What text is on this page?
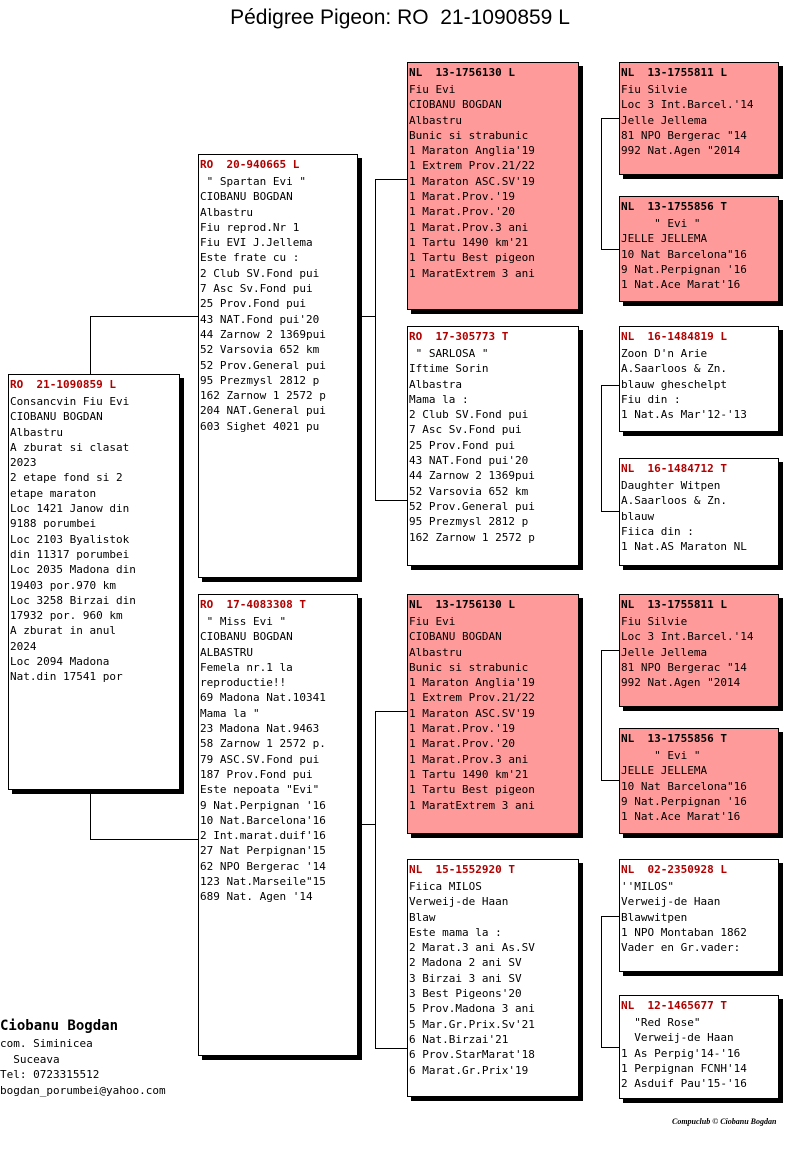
Pédigree Pigeon: RO  21-1090859 L
RO  21-1090859 L
Consancvin Fiu Evi
CIOBANU BOGDAN
Albastru
A zburat si clasat
2023
2 etape fond si 2
etape maraton
Loc 1421 Janow din
9188 porumbei
Loc 2103 Byalistok
din 11317 porumbei
Loc 2035 Madona din
19403 por.970 km
Loc 3258 Birzai din
17932 por. 960 km
A zburat in anul
2024
Loc 2094 Madona
Nat.din 17541 por
RO  20-940665 L
" Spartan Evi "
CIOBANU BOGDAN
Albastru
Fiu reprod.Nr 1
Fiu EVI J.Jellema
Este frate cu :
2 Club SV.Fond pui
7 Asc Sv.Fond pui
25 Prov.Fond pui
43 NAT.Fond pui'20
44 Zarnow 2 1369pui
52 Varsovia 652 km
52 Prov.General pui
95 Prezmysl 2812 p
162 Zarnow 1 2572 p
204 NAT.General pui
603 Sighet 4021 pu
RO  17-4083308 T
" Miss Evi "
CIOBANU BOGDAN
ALBASTRU
Femela nr.1 la
reproductie!!
69 Madona Nat.10341
Mama la "
23 Madona Nat.9463
58 Zarnow 1 2572 p.
79 ASC.SV.Fond pui
187 Prov.Fond pui
Este nepoata "Evi"
9 Nat.Perpignan '16
10 Nat.Barcelona'16
2 Int.marat.duif'16
27 Nat Perpignan'15
62 NPO Bergerac '14
123 Nat.Marseile"15
689 Nat. Agen '14
NL  13-1756130 L
Fiu Evi
CIOBANU BOGDAN
Albastru
Bunic si strabunic
1 Maraton Anglia'19
1 Extrem Prov.21/22
1 Maraton ASC.SV'19
1 Marat.Prov.'19
1 Marat.Prov.'20
1 Marat.Prov.3 ani
1 Tartu 1490 km'21
1 Tartu Best pigeon
1 MaratExtrem 3 ani
RO  17-305773 T
" SARLOSA "
Iftime Sorin
Albastra
Mama la :
2 Club SV.Fond pui
7 Asc Sv.Fond pui
25 Prov.Fond pui
43 NAT.Fond pui'20
44 Zarnow 2 1369pui
52 Varsovia 652 km
52 Prov.General pui
95 Prezmysl 2812 p
162 Zarnow 1 2572 p
NL  13-1756130 L
Fiu Evi
CIOBANU BOGDAN
Albastru
Bunic si strabunic
1 Maraton Anglia'19
1 Extrem Prov.21/22
1 Maraton ASC.SV'19
1 Marat.Prov.'19
1 Marat.Prov.'20
1 Marat.Prov.3 ani
1 Tartu 1490 km'21
1 Tartu Best pigeon
1 MaratExtrem 3 ani
NL  15-1552920 T
Fiica MILOS
Verweij-de Haan
Blaw
Este mama la :
2 Marat.3 ani As.SV
2 Madona 2 ani SV
3 Birzai 3 ani SV
3 Best Pigeons'20
5 Prov.Madona 3 ani
5 Mar.Gr.Prix.Sv'21
6 Nat.Birzai'21
6 Prov.StarMarat'18
6 Marat.Gr.Prix'19
NL  13-1755811 L
Fiu Silvie
Loc 3 Int.Barcel.'14
Jelle Jellema
81 NPO Bergerac "14
992 Nat.Agen "2014
NL  13-1755856 T
" Evi "
JELLE JELLEMA
10 Nat Barcelona"16
9 Nat.Perpignan '16
1 Nat.Ace Marat'16
NL  16-1484819 L
Zoon D'n Arie
A.Saarloos & Zn.
blauw gheschelpt
Fiu din :
1 Nat.As Mar'12-'13
NL  16-1484712 T
Daughter Witpen
A.Saarloos & Zn.
blauw
Fiica din :
1 Nat.AS Maraton NL
NL  13-1755811 L
Fiu Silvie
Loc 3 Int.Barcel.'14
Jelle Jellema
81 NPO Bergerac "14
992 Nat.Agen "2014
NL  13-1755856 T
" Evi "
JELLE JELLEMA
10 Nat Barcelona"16
9 Nat.Perpignan '16
1 Nat.Ace Marat'16
NL  02-2350928 L
''MILOS"
Verweij-de Haan
Blawwitpen
1 NPO Montaban 1862
Vader en Gr.vader:
NL  12-1465677 T
"Red Rose"
Verweij-de Haan
1 As Perpig'14-'16
1 Perpignan FCNH'14
2 Asduif Pau'15-'16
Ciobanu Bogdan
com. Siminicea
Suceava
Tel: 0723315512
bogdan_porumbei@yahoo.com
Compuclub © Ciobanu Bogdan
